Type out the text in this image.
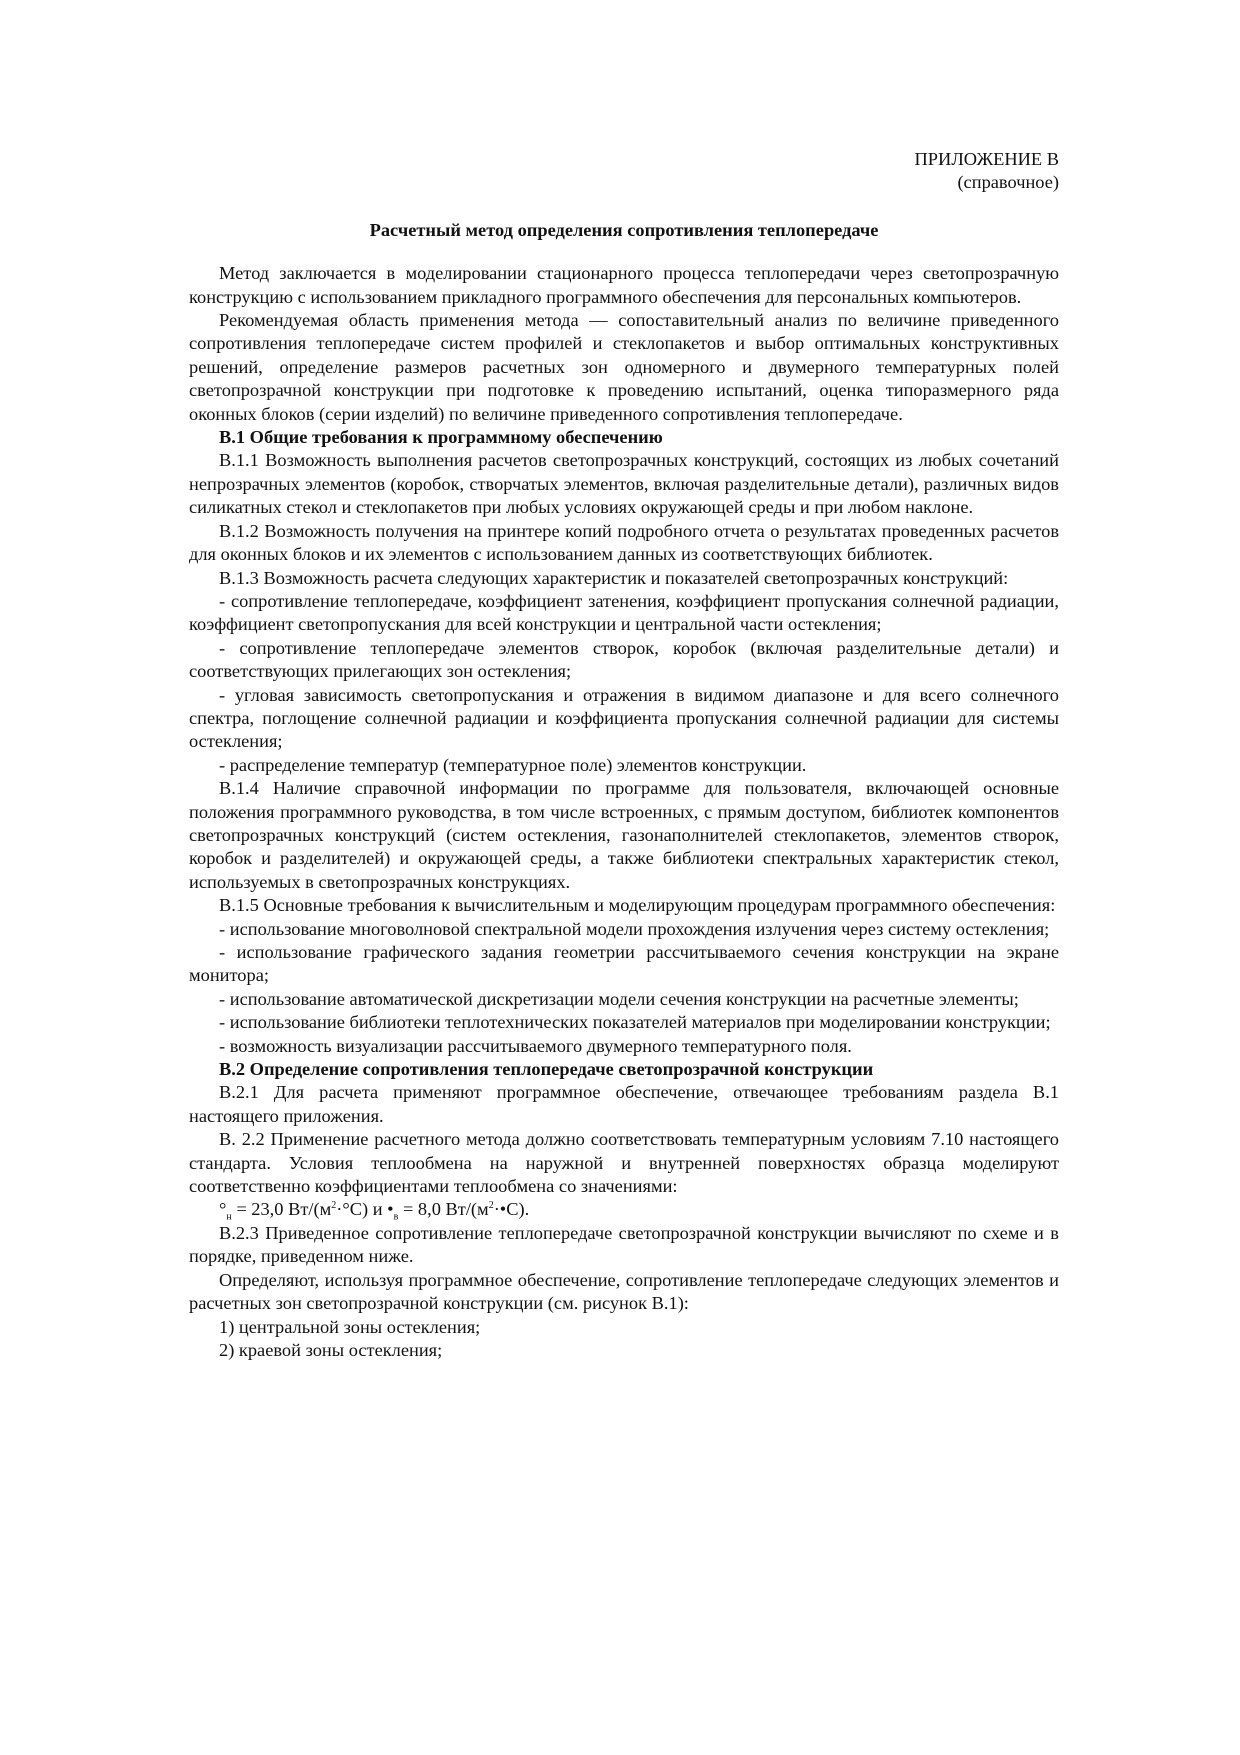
ПРИЛОЖЕНИЕ В
(справочное)
Расчетный метод определения сопротивления теплопередаче

Метод заключается в моделировании стационарного процесса теплопередачи через светопрозрачную конструкцию с использованием прикладного программного обеспечения для персональных компьютеров.

Рекомендуемая область применения метода — сопоставительный анализ по величине приведенного сопротивления теплопередаче систем профилей и стеклопакетов и выбор оптимальных конструктивных решений, определение размеров расчетных зон одномерного и двумерного температурных полей светопрозрачной конструкции при подготовке к проведению испытаний, оценка типоразмерного ряда оконных блоков (серии изделий) по величине приведенного сопротивления теплопередаче.

В.1 Общие требования к программному обеспечению

В.1.1 Возможность выполнения расчетов светопрозрачных конструкций, состоящих из любых сочетаний непрозрачных элементов (коробок, створчатых элементов, включая разделительные детали), различных видов силикатных стекол и стеклопакетов при любых условиях окружающей среды и при любом наклоне.

В.1.2 Возможность получения на принтере копий подробного отчета о результатах проведенных расчетов для оконных блоков и их элементов с использованием данных из соответствующих библиотек.

В.1.3 Возможность расчета следующих характеристик и показателей светопрозрачных конструкций:

- сопротивление теплопередаче, коэффициент затенения, коэффициент пропускания солнечной радиации, коэффициент светопропускания для всей конструкции и центральной части остекления;

- сопротивление теплопередаче элементов створок, коробок (включая разделительные детали) и соответствующих прилегающих зон остекления;

- угловая зависимость светопропускания и отражения в видимом диапазоне и для всего солнечного спектра, поглощение солнечной радиации и коэффициента пропускания солнечной радиации для системы остекления;

- распределение температур (температурное поле) элементов конструкции.

В.1.4 Наличие справочной информации по программе для пользователя, включающей основные положения программного руководства, в том числе встроенных, с прямым доступом, библиотек компонентов светопрозрачных конструкций (систем остекления, газонаполнителей стеклопакетов, элементов створок, коробок и разделителей) и окружающей среды, а также библиотеки спектральных характеристик стекол, используемых в светопрозрачных конструкциях.

В.1.5 Основные требования к вычислительным и моделирующим процедурам программного обеспечения:

- использование многоволновой спектральной модели прохождения излучения через систему остекления;

- использование графического задания геометрии рассчитываемого сечения конструкции на экране монитора;

- использование автоматической дискретизации модели сечения конструкции на расчетные элементы;

- использование библиотеки теплотехнических показателей материалов при моделировании конструкции;

- возможность визуализации рассчитываемого двумерного температурного поля.

В.2 Определение сопротивления теплопередаче светопрозрачной конструкции

В.2.1 Для расчета применяют программное обеспечение, отвечающее требованиям раздела В.1 настоящего приложения.

В. 2.2 Применение расчетного метода должно соответствовать температурным условиям 7.10 настоящего стандарта. Условия теплообмена на наружной и внутренней поверхностях образца моделируют соответственно коэффициентами теплообмена со значениями:

$^\circ_н = 23,0$ $Вт/(м^2\cdot^\circ С)$ и $•_в = 8,0$ $Вт/(м^2\cdot•С)$.

В.2.3 Приведенное сопротивление теплопередаче светопрозрачной конструкции вычисляют по схеме и в порядке, приведенном ниже.

Определяют, используя программное обеспечение, сопротивление теплопередаче следующих элементов и расчетных зон светопрозрачной конструкции (см. рисунок В.1):

1) центральной зоны остекления;

2) краевой зоны остекления;
